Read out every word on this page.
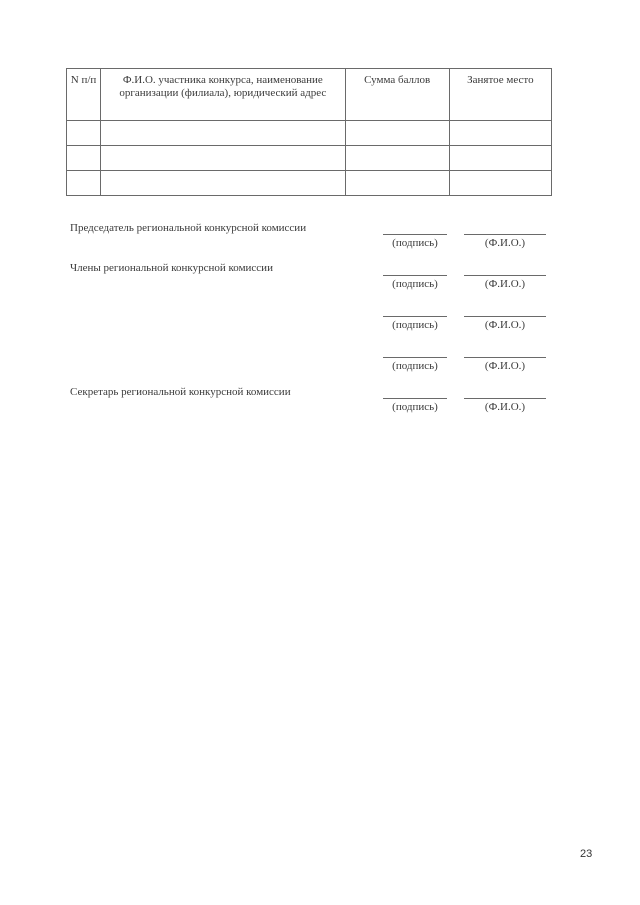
N п/п	Ф.И.О. участника конкурса, наименование организации (филиала), юридический адрес	Сумма баллов	Занятое место

Председатель региональной конкурсной комиссии
(подпись)	(Ф.И.О.)
Члены региональной конкурсной комиссии
(подпись)	(Ф.И.О.)
(подпись)	(Ф.И.О.)
(подпись)	(Ф.И.О.)
Секретарь региональной конкурсной комиссии
(подпись)	(Ф.И.О.)
23
